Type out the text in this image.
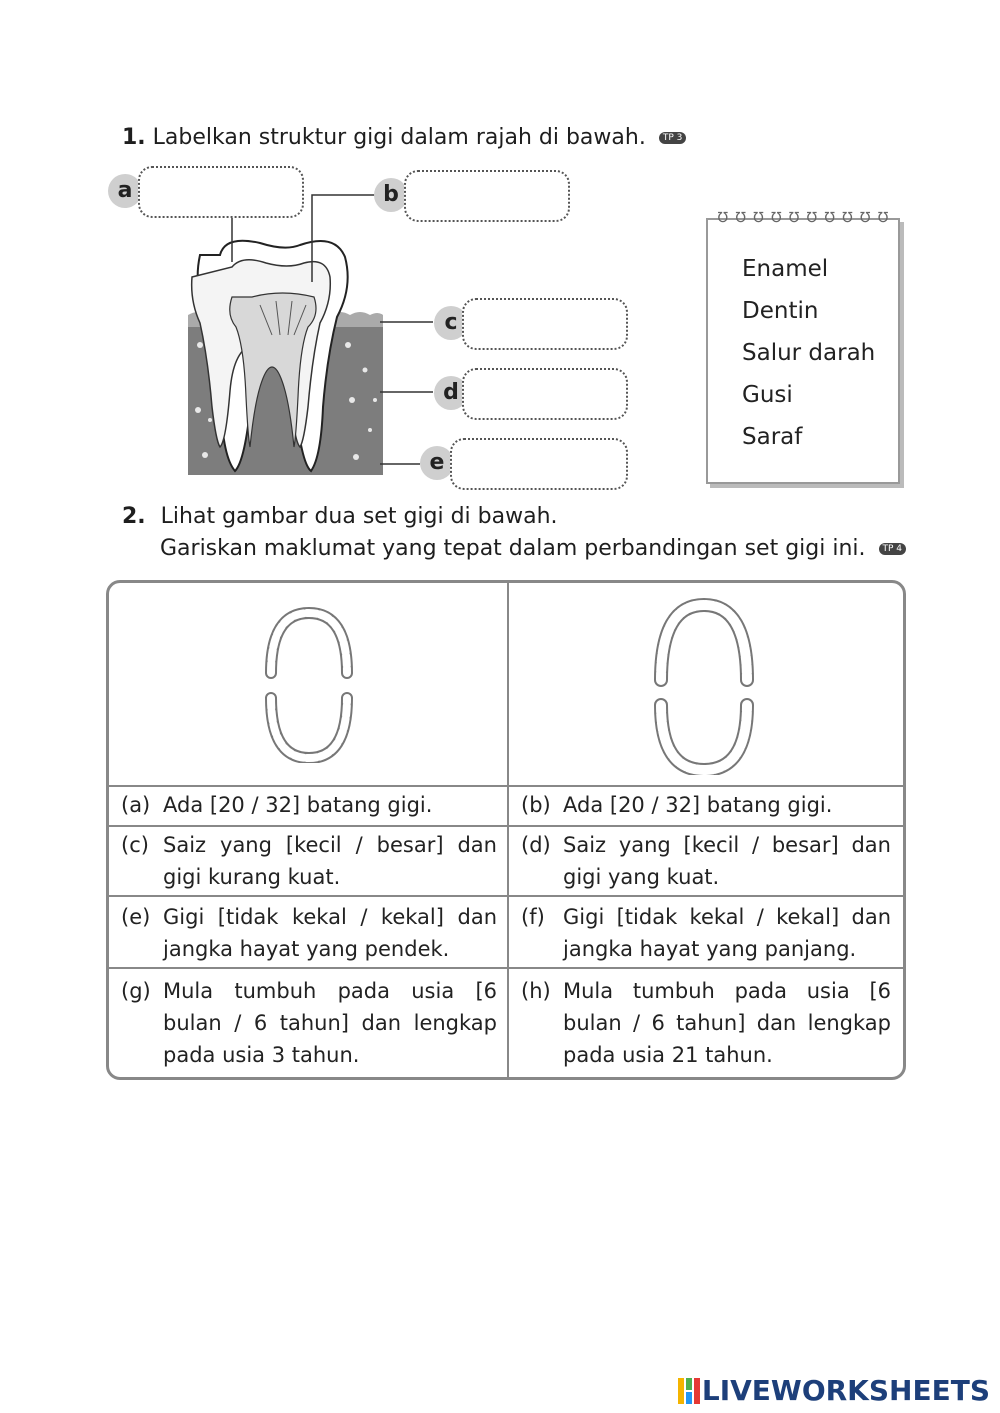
1. Labelkan struktur gigi dalam rajah di bawah. TP 3
a	b
c
d
e
℧ ℧ ℧ ℧ ℧ ℧ ℧ ℧ ℧ ℧
Enamel
Dentin
Salur darah
Gusi
Saraf
2. Lihat gambar dua set gigi di bawah.
Gariskan maklumat yang tepat dalam perbandingan set gigi ini. TP 4
(a) Ada [20 / 32] batang gigi.	(b) Ada [20 / 32] batang gigi.
(c) Saiz yang [kecil / besar] dan gigi kurang kuat.
(d) Saiz yang [kecil / besar] dan gigi yang kuat.
(e) Gigi [tidak kekal / kekal] dan jangka hayat yang pendek.
(f) Gigi [tidak kekal / kekal] dan jangka hayat yang panjang.
(g) Mula tumbuh pada usia [6 bulan / 6 tahun] dan lengkap pada usia 3 tahun.
(h) Mula tumbuh pada usia [6 bulan / 6 tahun] dan lengkap pada usia 21 tahun.
LIVEWORKSHEETS
